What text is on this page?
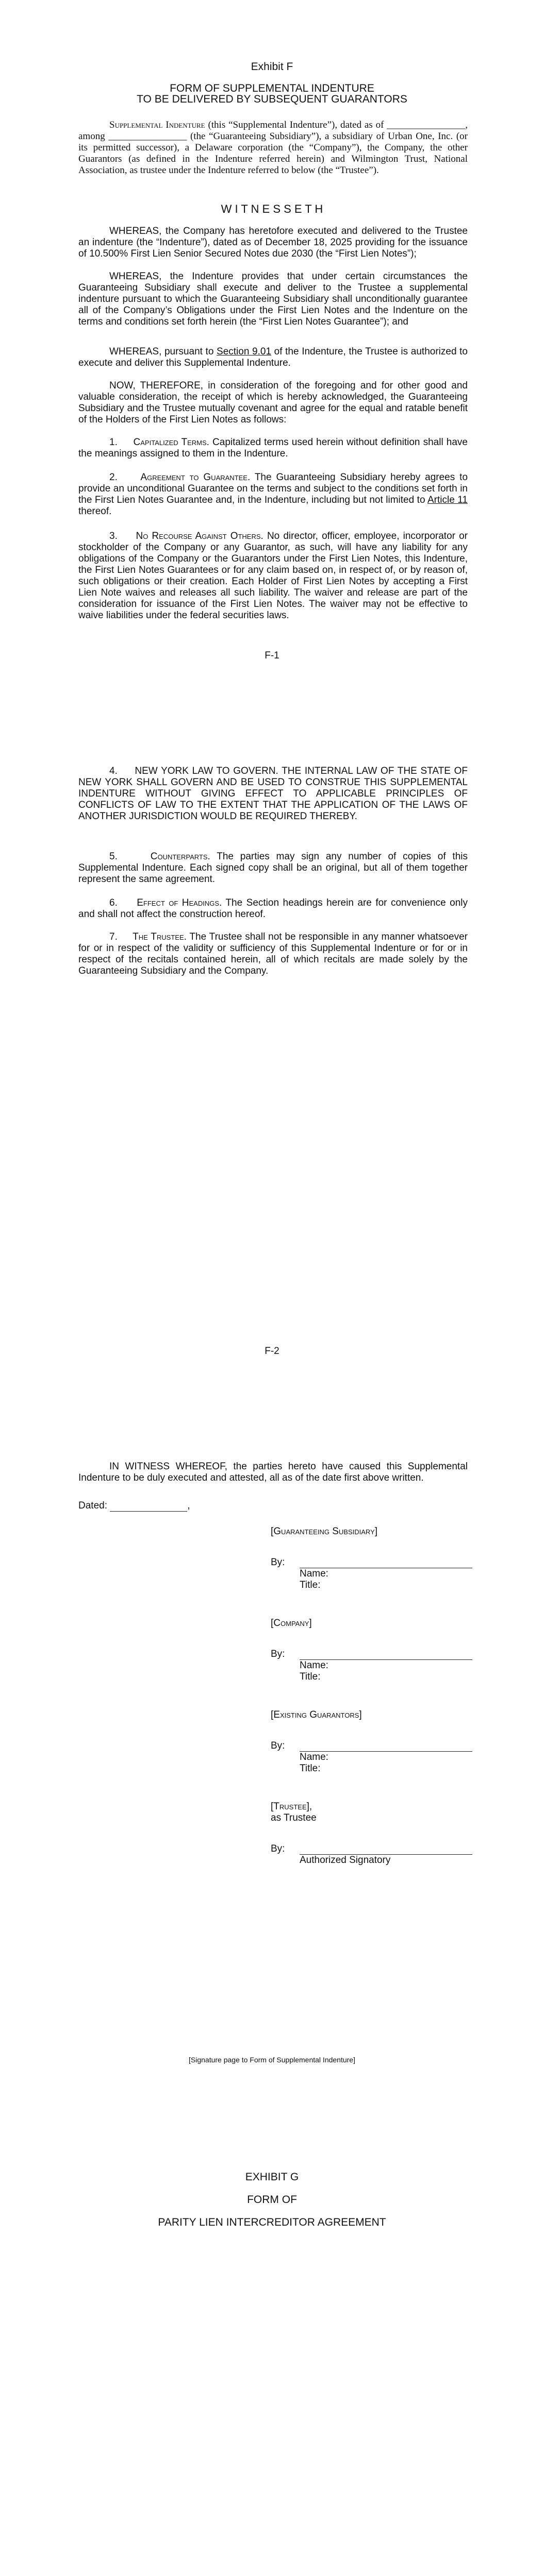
Exhibit F
FORM OF SUPPLEMENTAL INDENTURE
TO BE DELIVERED BY SUBSEQUENT GUARANTORS
Supplemental Indenture (this “Supplemental Indenture”), dated as of ________________, among ________________ (the “Guaranteeing Subsidiary”), a subsidiary of Urban One, Inc. (or its permitted successor), a Delaware corporation (the “Company”), the Company, the other Guarantors (as defined in the Indenture referred herein) and Wilmington Trust, National Association, as trustee under the Indenture referred to below (the “Trustee”).
W I T N E S S E T H
WHEREAS, the Company has heretofore executed and delivered to the Trustee an indenture (the “Indenture”), dated as of December 18, 2025 providing for the issuance of 10.500% First Lien Senior Secured Notes due 2030 (the “First Lien Notes”);
WHEREAS, the Indenture provides that under certain circumstances the Guaranteeing Subsidiary shall execute and deliver to the Trustee a supplemental indenture pursuant to which the Guaranteeing Subsidiary shall unconditionally guarantee all of the Company’s Obligations under the First Lien Notes and the Indenture on the terms and conditions set forth herein (the “First Lien Notes Guarantee”); and
WHEREAS, pursuant to Section 9.01 of the Indenture, the Trustee is authorized to execute and deliver this Supplemental Indenture.
NOW, THEREFORE, in consideration of the foregoing and for other good and valuable consideration, the receipt of which is hereby acknowledged, the Guaranteeing Subsidiary and the Trustee mutually covenant and agree for the equal and ratable benefit of the Holders of the First Lien Notes as follows:
1. Capitalized Terms. Capitalized terms used herein without definition shall have the meanings assigned to them in the Indenture.
2. Agreement to Guarantee. The Guaranteeing Subsidiary hereby agrees to provide an unconditional Guarantee on the terms and subject to the conditions set forth in the First Lien Notes Guarantee and, in the Indenture, including but not limited to Article 11 thereof.
3. No Recourse Against Others. No director, officer, employee, incorporator or stockholder of the Company or any Guarantor, as such, will have any liability for any obligations of the Company or the Guarantors under the First Lien Notes, this Indenture, the First Lien Notes Guarantees or for any claim based on, in respect of, or by reason of, such obligations or their creation. Each Holder of First Lien Notes by accepting a First Lien Note waives and releases all such liability. The waiver and release are part of the consideration for issuance of the First Lien Notes. The waiver may not be effective to waive liabilities under the federal securities laws.
F-1
4. NEW YORK LAW TO GOVERN. THE INTERNAL LAW OF THE STATE OF NEW YORK SHALL GOVERN AND BE USED TO CONSTRUE THIS SUPPLEMENTAL INDENTURE WITHOUT GIVING EFFECT TO APPLICABLE PRINCIPLES OF CONFLICTS OF LAW TO THE EXTENT THAT THE APPLICATION OF THE LAWS OF ANOTHER JURISDICTION WOULD BE REQUIRED THEREBY.
5.	Counterparts. The parties may sign any number of copies of this Supplemental Indenture. Each signed copy shall be an original, but all of them together represent the same agreement.
6. Effect of Headings. The Section headings herein are for convenience only and shall not affect the construction hereof.
7. The Trustee. The Trustee shall not be responsible in any manner whatsoever for or in respect of the validity or sufficiency of this Supplemental Indenture or for or in respect of the recitals contained herein, all of which recitals are made solely by the Guaranteeing Subsidiary and the Company.
F-2
IN WITNESS WHEREOF, the parties hereto have caused this Supplemental Indenture to be duly executed and attested, all as of the date first above written.
Dated:	,
[Guaranteeing Subsidiary]
By:
Name:
Title:
[Company]
By:
Name:
Title:
[Existing Guarantors]
By:
Name:
Title:
[Trustee],
as Trustee
By:
Authorized Signatory
[Signature page to Form of Supplemental Indenture]
EXHIBIT G
FORM OF
PARITY LIEN INTERCREDITOR AGREEMENT
